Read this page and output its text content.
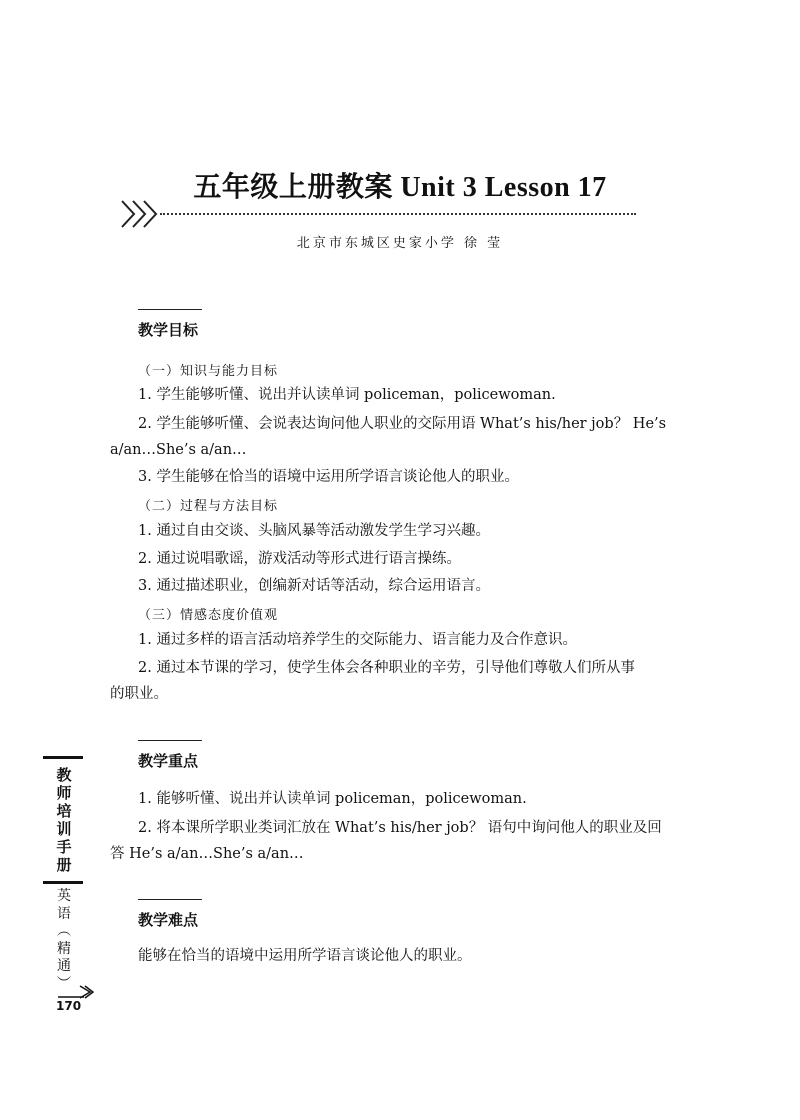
五年级上册教案 Unit 3 Lesson 17
北京市东城区史家小学 徐 莹
教学目标
（一）知识与能力目标
1. 学生能够听懂、说出并认读单词 policeman，policewoman.
2. 学生能够听懂、会说表达询问他人职业的交际用语 What’s his/her job？ He’s
a/an…She’s a/an…
3. 学生能够在恰当的语境中运用所学语言谈论他人的职业。
（二）过程与方法目标
1. 通过自由交谈、头脑风暴等活动激发学生学习兴趣。
2. 通过说唱歌谣，游戏活动等形式进行语言操练。
3. 通过描述职业，创编新对话等活动，综合运用语言。
（三）情感态度价值观
1. 通过多样的语言活动培养学生的交际能力、语言能力及合作意识。
2. 通过本节课的学习，使学生体会各种职业的辛劳，引导他们尊敬人们所从事
的职业。
教学重点
1. 能够听懂、说出并认读单词 policeman，policewoman.
2. 将本课所学职业类词汇放在 What’s his/her job？ 语句中询问他人的职业及回
答 He’s a/an…She’s a/an…
教学难点
能够在恰当的语境中运用所学语言谈论他人的职业。
教
师
培
训
手
册
英
语
︵
精
通
︶
170
